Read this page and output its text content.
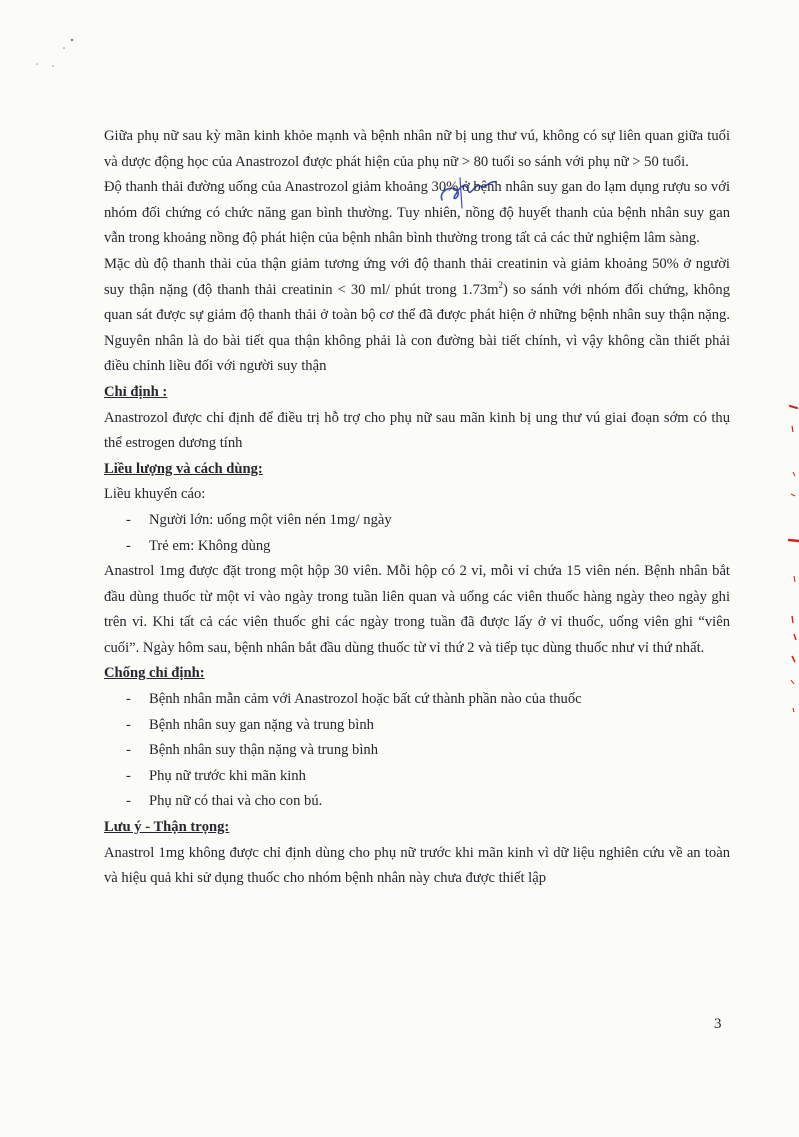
Giữa phụ nữ sau kỳ mãn kinh khỏe mạnh và bệnh nhân nữ bị ung thư vú, không có sự liên quan giữa tuổi và dược động học của Anastrozol được phát hiện của phụ nữ > 80 tuổi so sánh với phụ nữ > 50 tuổi.

Độ thanh thải đường uống của Anastrozol giảm khoảng 30% ở bệnh nhân suy gan do lạm dụng rượu so với nhóm đối chứng có chức năng gan bình thường. Tuy nhiên, nồng độ huyết thanh của bệnh nhân suy gan vẫn trong khoảng nồng độ phát hiện của bệnh nhân bình thường trong tất cả các thử nghiệm lâm sàng.

Mặc dù độ thanh thải của thận giảm tương ứng với độ thanh thải creatinin và giảm khoảng 50% ở người suy thận nặng (độ thanh thải creatinin < 30 ml/ phút trong $1.73m^2$) so sánh với nhóm đối chứng, không quan sát được sự giảm độ thanh thải ở toàn bộ cơ thể đã được phát hiện ở những bệnh nhân suy thận nặng. Nguyên nhân là do bài tiết qua thận không phải là con đường bài tiết chính, vì vậy không cần thiết phải điều chỉnh liều đối với người suy thận

Chỉ định :

Anastrozol được chỉ định để điều trị hỗ trợ cho phụ nữ sau mãn kinh bị ung thư vú giai đoạn sớm có thụ thể estrogen dương tính

Liều lượng và cách dùng:

Liều khuyến cáo:

- Người lớn: uống một viên nén 1mg/ ngày
- Trẻ em: Không dùng

Anastrol 1mg được đặt trong một hộp 30 viên. Mỗi hộp có 2 vỉ, mỗi vỉ chứa 15 viên nén. Bệnh nhân bắt đầu dùng thuốc từ một vỉ vào ngày trong tuần liên quan và uống các viên thuốc hàng ngày theo ngày ghi trên vỉ. Khi tất cả các viên thuốc ghi các ngày trong tuần đã được lấy ở vỉ thuốc, uống viên ghi “viên cuối”. Ngày hôm sau, bệnh nhân bắt đầu dùng thuốc từ vỉ thứ 2 và tiếp tục dùng thuốc như vỉ thứ nhất.

Chống chỉ định:

- Bệnh nhân mẫn cảm với Anastrozol hoặc bất cứ thành phần nào của thuốc
- Bệnh nhân suy gan nặng và trung bình
- Bệnh nhân suy thận nặng và trung bình
- Phụ nữ trước khi mãn kinh
- Phụ nữ có thai và cho con bú.

Lưu ý - Thận trọng:

Anastrol 1mg không được chỉ định dùng cho phụ nữ trước khi mãn kinh vì dữ liệu nghiên cứu về an toàn và hiệu quả khi sử dụng thuốc cho nhóm bệnh nhân này chưa được thiết lập

3
